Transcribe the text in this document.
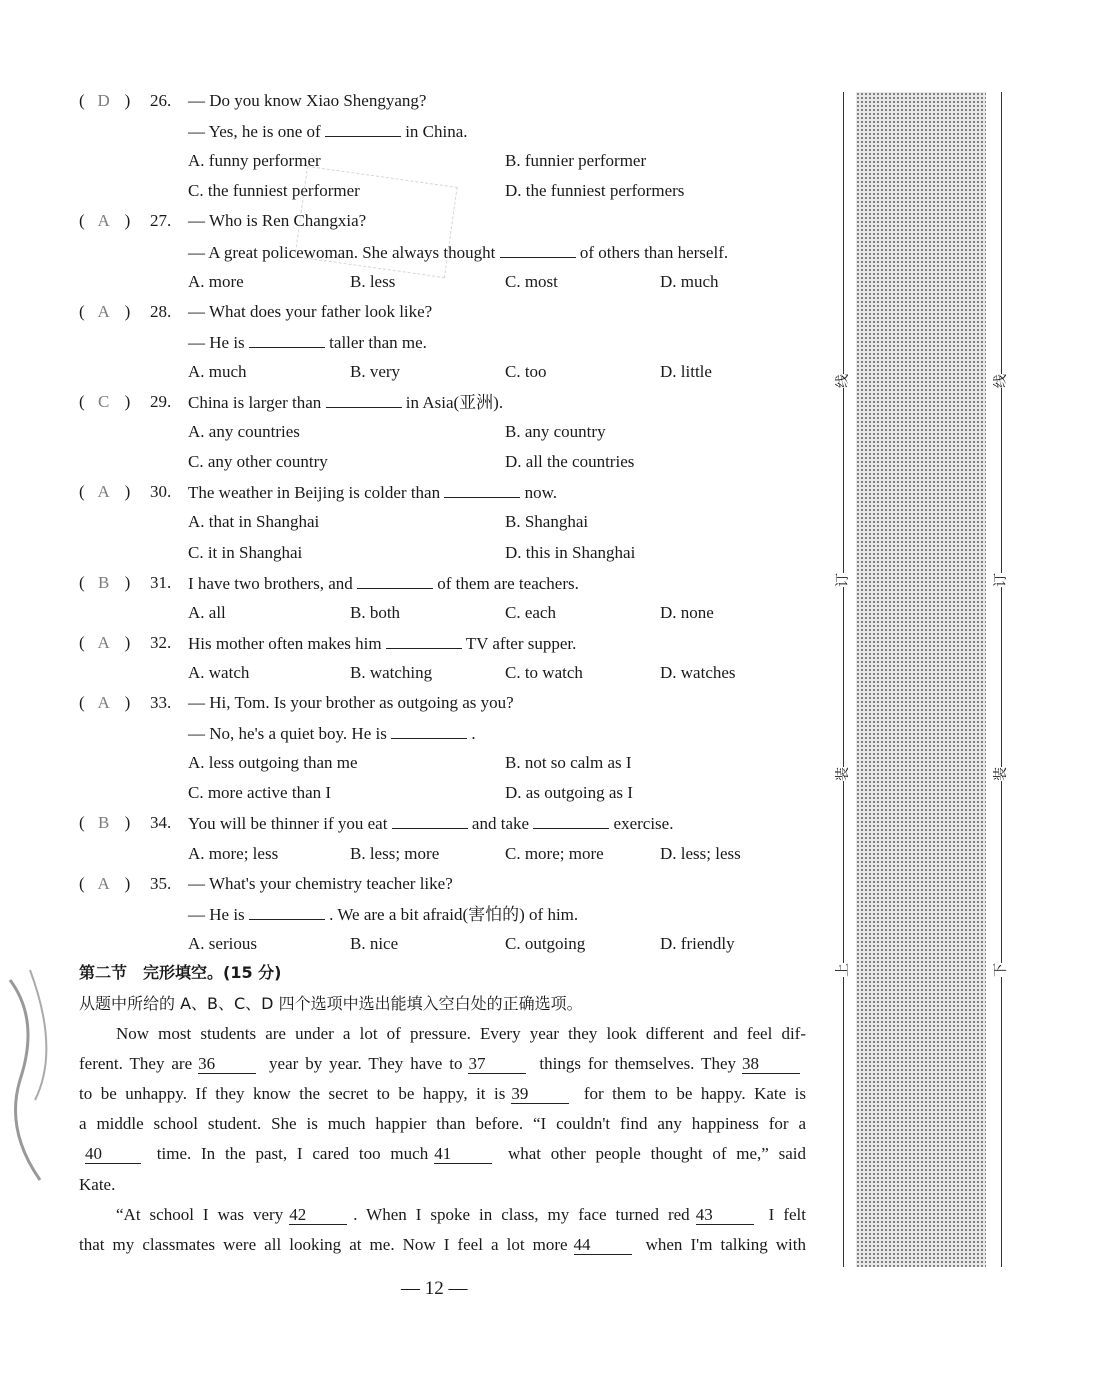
( D ) 26. — Do you know Xiao Shengyang?
— Yes, he is one of	in China.
A. funny performer	B. funnier performer
C. the funniest performer	D. the funniest performers
( A ) 27. — Who is Ren Changxia?
— A great policewoman. She always thought	of others than herself.
A. more	B. less	C. most	D. much
( A ) 28. — What does your father look like?
— He is	taller than me.
A. much	B. very	C. too	D. little
( C ) 29. China is larger than	in Asia(亚洲).
A. any countries	B. any country
C. any other country	D. all the countries
( A ) 30. The weather in Beijing is colder than	now.
A. that in Shanghai	B. Shanghai
C. it in Shanghai	D. this in Shanghai
( B ) 31. I have two brothers, and	of them are teachers.
A. all	B. both	C. each	D. none
( A ) 32. His mother often makes him	TV after supper.
A. watch	B. watching	C. to watch	D. watches
( A ) 33. — Hi, Tom. Is your brother as outgoing as you?
— No, he's a quiet boy. He is	.
A. less outgoing than me	B. not so calm as I
C. more active than I	D. as outgoing as I
( B ) 34. You will be thinner if you eat	and take	exercise.
A. more; less	B. less; more	C. more; more	D. less; less
( A ) 35. — What's your chemistry teacher like?
— He is	. We are a bit afraid(害怕的) of him.
A. serious	B. nice	C. outgoing	D. friendly
第二节　完形填空。(15 分)
从题中所给的 A、B、C、D 四个选项中选出能填入空白处的正确选项。
Now most students are under a lot of pressure. Every year they look different and feel dif-
ferent. They are 36	year by year. They have to 37	things for themselves. They 38
to be unhappy. If they know the secret to be happy, it is 39	for them to be happy. Kate is
a middle school student. She is much happier than before. “I couldn't find any happiness for a
40	time. In the past, I cared too much 41	what other people thought of me,” said
Kate.
“At school I was very 42	. When I spoke in class, my face turned red 43	I felt
that my classmates were all looking at me. Now I feel a lot more 44	when I'm talking with
— 12 —
线
订
装
上
线
订
装
下
